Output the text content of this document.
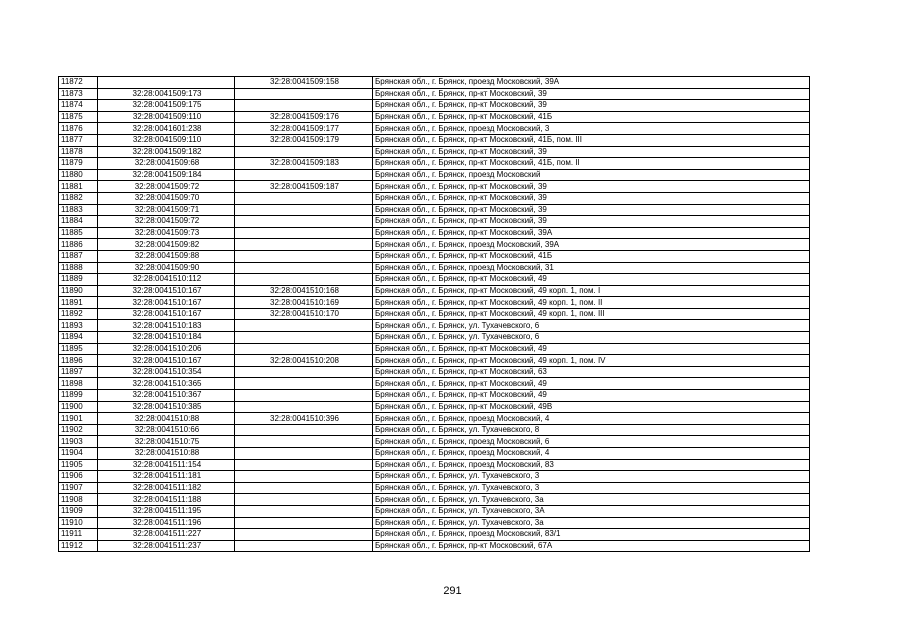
11872		32:28:0041509:158	Брянская обл., г. Брянск, проезд Московский, 39А
11873	32:28:0041509:173		Брянская обл., г. Брянск, пр-кт Московский, 39
11874	32:28:0041509:175		Брянская обл., г. Брянск, пр-кт Московский, 39
11875	32:28:0041509:110	32:28:0041509:176	Брянская обл., г. Брянск, пр-кт Московский, 41Б
11876	32:28:0041601:238	32:28:0041509:177	Брянская обл., г. Брянск, проезд Московский, 3
11877	32:28:0041509:110	32:28:0041509:179	Брянская обл., г. Брянск, пр-кт Московский, 41Б, пом. III
11878	32:28:0041509:182		Брянская обл., г. Брянск, пр-кт Московский, 39
11879	32:28:0041509:68	32:28:0041509:183	Брянская обл., г. Брянск, пр-кт Московский, 41Б, пом. II
11880	32:28:0041509:184		Брянская обл., г. Брянск, проезд Московский
11881	32:28:0041509:72	32:28:0041509:187	Брянская обл., г. Брянск, пр-кт Московский, 39
11882	32:28:0041509:70		Брянская обл., г. Брянск, пр-кт Московский, 39
11883	32:28:0041509:71		Брянская обл., г. Брянск, пр-кт Московский, 39
11884	32:28:0041509:72		Брянская обл., г. Брянск, пр-кт Московский, 39
11885	32:28:0041509:73		Брянская обл., г. Брянск, пр-кт Московский, 39А
11886	32:28:0041509:82		Брянская обл., г. Брянск, проезд Московский, 39А
11887	32:28:0041509:88		Брянская обл., г. Брянск, пр-кт Московский, 41Б
11888	32:28:0041509:90		Брянская обл., г. Брянск, проезд Московский, 31
11889	32:28:0041510:112		Брянская обл., г. Брянск, пр-кт Московский, 49
11890	32:28:0041510:167	32:28:0041510:168	Брянская обл., г. Брянск, пр-кт Московский, 49 корп. 1, пом. I
11891	32:28:0041510:167	32:28:0041510:169	Брянская обл., г. Брянск, пр-кт Московский, 49 корп. 1, пом. II
11892	32:28:0041510:167	32:28:0041510:170	Брянская обл., г. Брянск, пр-кт Московский, 49 корп. 1, пом. III
11893	32:28:0041510:183		Брянская обл., г. Брянск, ул. Тухачевского, 6
11894	32:28:0041510:184		Брянская обл., г. Брянск, ул. Тухачевского, 6
11895	32:28:0041510:206		Брянская обл., г. Брянск, пр-кт Московский, 49
11896	32:28:0041510:167	32:28:0041510:208	Брянская обл., г. Брянск, пр-кт Московский, 49 корп. 1, пом. IV
11897	32:28:0041510:354		Брянская обл., г. Брянск, пр-кт Московский, 63
11898	32:28:0041510:365		Брянская обл., г. Брянск, пр-кт Московский, 49
11899	32:28:0041510:367		Брянская обл., г. Брянск, пр-кт Московский, 49
11900	32:28:0041510:385		Брянская обл., г. Брянск, пр-кт Московский, 49В
11901	32:28:0041510:88	32:28:0041510:396	Брянская обл., г. Брянск, проезд Московский, 4
11902	32:28:0041510:66		Брянская обл., г. Брянск, ул. Тухачевского, 8
11903	32:28:0041510:75		Брянская обл., г. Брянск, проезд Московский, 6
11904	32:28:0041510:88		Брянская обл., г. Брянск, проезд Московский, 4
11905	32:28:0041511:154		Брянская обл., г. Брянск, проезд Московский, 83
11906	32:28:0041511:181		Брянская обл., г. Брянск, ул. Тухачевского, 3
11907	32:28:0041511:182		Брянская обл., г. Брянск, ул. Тухачевского, 3
11908	32:28:0041511:188		Брянская обл., г. Брянск, ул. Тухачевского, 3а
11909	32:28:0041511:195		Брянская обл., г. Брянск, ул. Тухачевского, 3А
11910	32:28:0041511:196		Брянская обл., г. Брянск, ул. Тухачевского, 3а
11911	32:28:0041511:227		Брянская обл., г. Брянск, проезд Московский, 83/1
11912	32:28:0041511:237		Брянская обл., г. Брянск, пр-кт Московский, 67А
291
